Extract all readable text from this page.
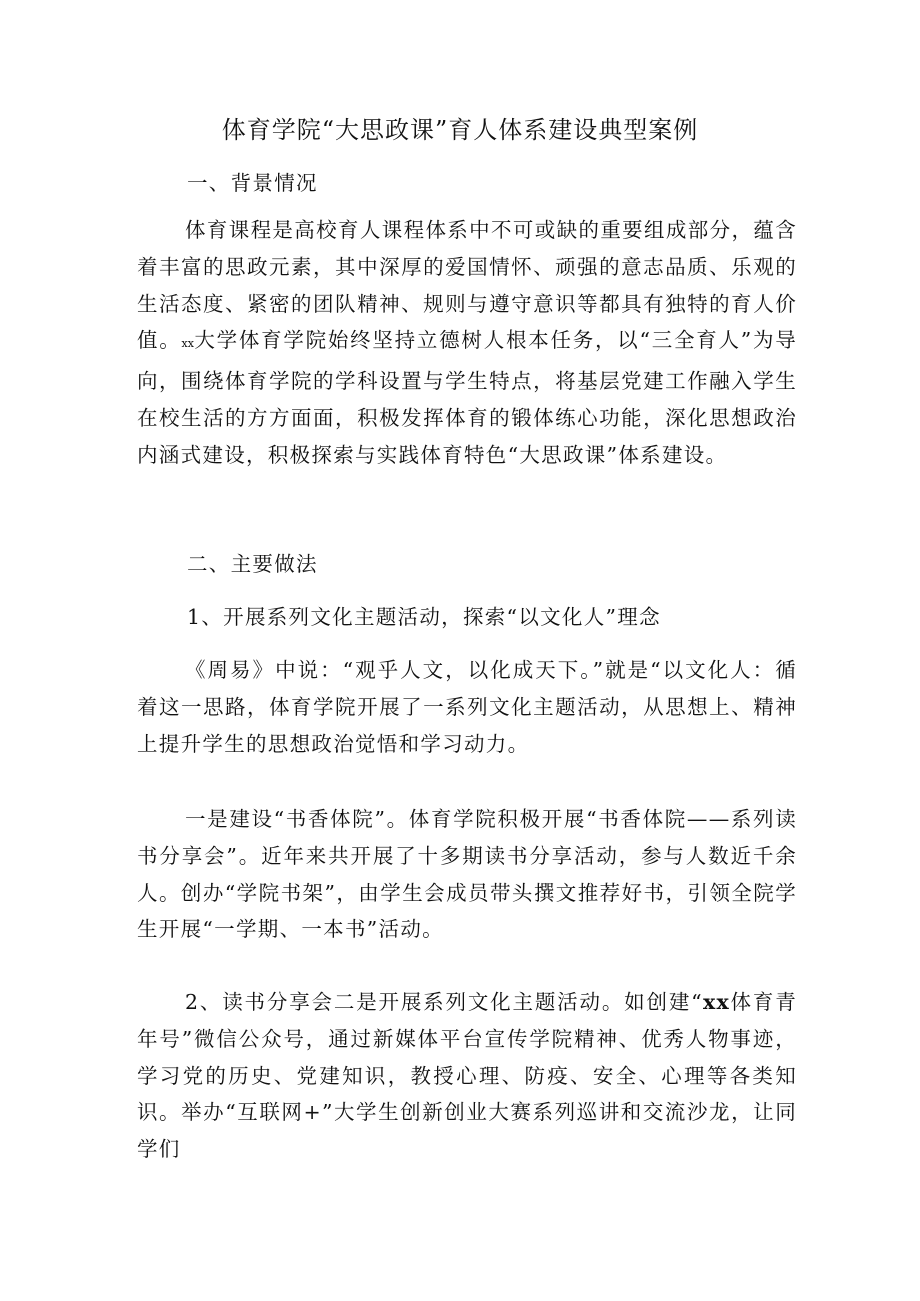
体育学院“大思政课”育人体系建设典型案例
一、背景情况
体育课程是高校育人课程体系中不可或缺的重要组成部分，蕴含着丰富的思政元素，其中深厚的爱国情怀、顽强的意志品质、乐观的生活态度、紧密的团队精神、规则与遵守意识等都具有独特的育人价值。xx大学体育学院始终坚持立德树人根本任务，以“三全育人”为导向，围绕体育学院的学科设置与学生特点，将基层党建工作融入学生在校生活的方方面面，积极发挥体育的锻体练心功能，深化思想政治内涵式建设，积极探索与实践体育特色“大思政课”体系建设。
二、主要做法
1、开展系列文化主题活动，探索“以文化人”理念
《周易》中说：“观乎人文，以化成天下。”就是“以文化人：循着这一思路，体育学院开展了一系列文化主题活动，从思想上、精神上提升学生的思想政治觉悟和学习动力。
一是建设“书香体院”。体育学院积极开展“书香体院——系列读书分享会”。近年来共开展了十多期读书分享活动，参与人数近千余人。创办“学院书架”，由学生会成员带头撰文推荐好书，引领全院学生开展“一学期、一本书”活动。
2、读书分享会二是开展系列文化主题活动。如创建“xx体育青年号”微信公众号，通过新媒体平台宣传学院精神、优秀人物事迹，学习党的历史、党建知识，教授心理、防疫、安全、心理等各类知识。举办“互联网+”大学生创新创业大赛系列巡讲和交流沙龙，让同学们
